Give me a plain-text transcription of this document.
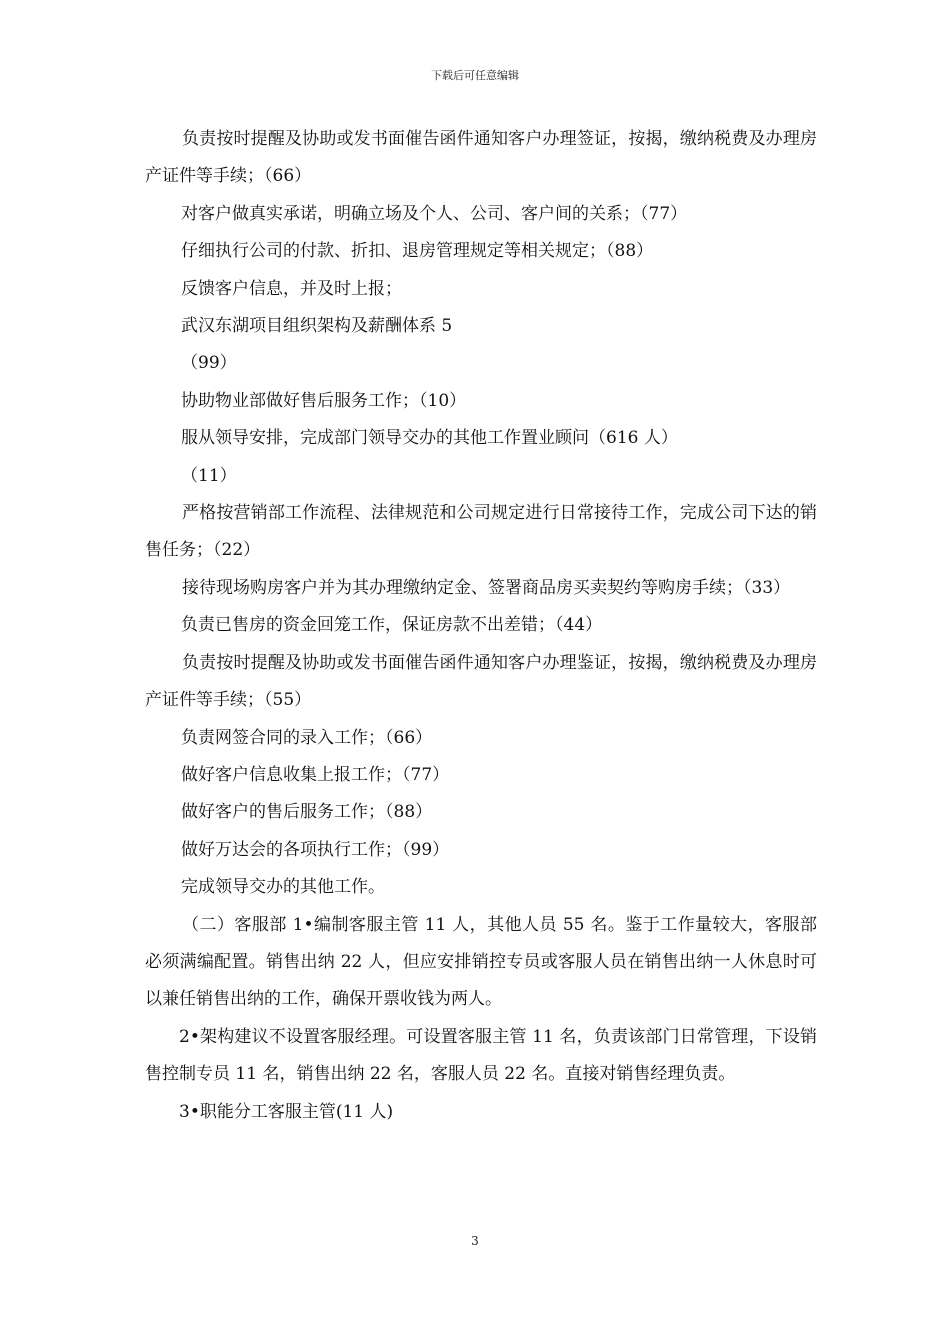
下载后可任意编辑

负责按时提醒及协助或发书面催告函件通知客户办理签证，按揭，缴纳税费及办理房产证件等手续；（66）

对客户做真实承诺，明确立场及个人、公司、客户间的关系；（77）

仔细执行公司的付款、折扣、退房管理规定等相关规定；（88）

反馈客户信息，并及时上报；

武汉东湖项目组织架构及薪酬体系 5

（99）

协助物业部做好售后服务工作；（10）

服从领导安排，完成部门领导交办的其他工作置业顾问（616 人）

（11）

严格按营销部工作流程、法律规范和公司规定进行日常接待工作，完成公司下达的销售任务；（22）

接待现场购房客户并为其办理缴纳定金、签署商品房买卖契约等购房手续；（33）

负责已售房的资金回笼工作，保证房款不出差错；（44）

负责按时提醒及协助或发书面催告函件通知客户办理鉴证，按揭，缴纳税费及办理房产证件等手续；（55）

负责网签合同的录入工作；（66）

做好客户信息收集上报工作；（77）

做好客户的售后服务工作；（88）

做好万达会的各项执行工作；（99）

完成领导交办的其他工作。

（二）客服部 1•编制客服主管 11 人，其他人员 55 名。鉴于工作量较大，客服部必须满编配置。销售出纳 22 人，但应安排销控专员或客服人员在销售出纳一人休息时可以兼任销售出纳的工作，确保开票收钱为两人。

2•架构建议不设置客服经理。可设置客服主管 11 名，负责该部门日常管理，下设销售控制专员 11 名，销售出纳 22 名，客服人员 22 名。直接对销售经理负责。

3•职能分工客服主管(11 人)

3
